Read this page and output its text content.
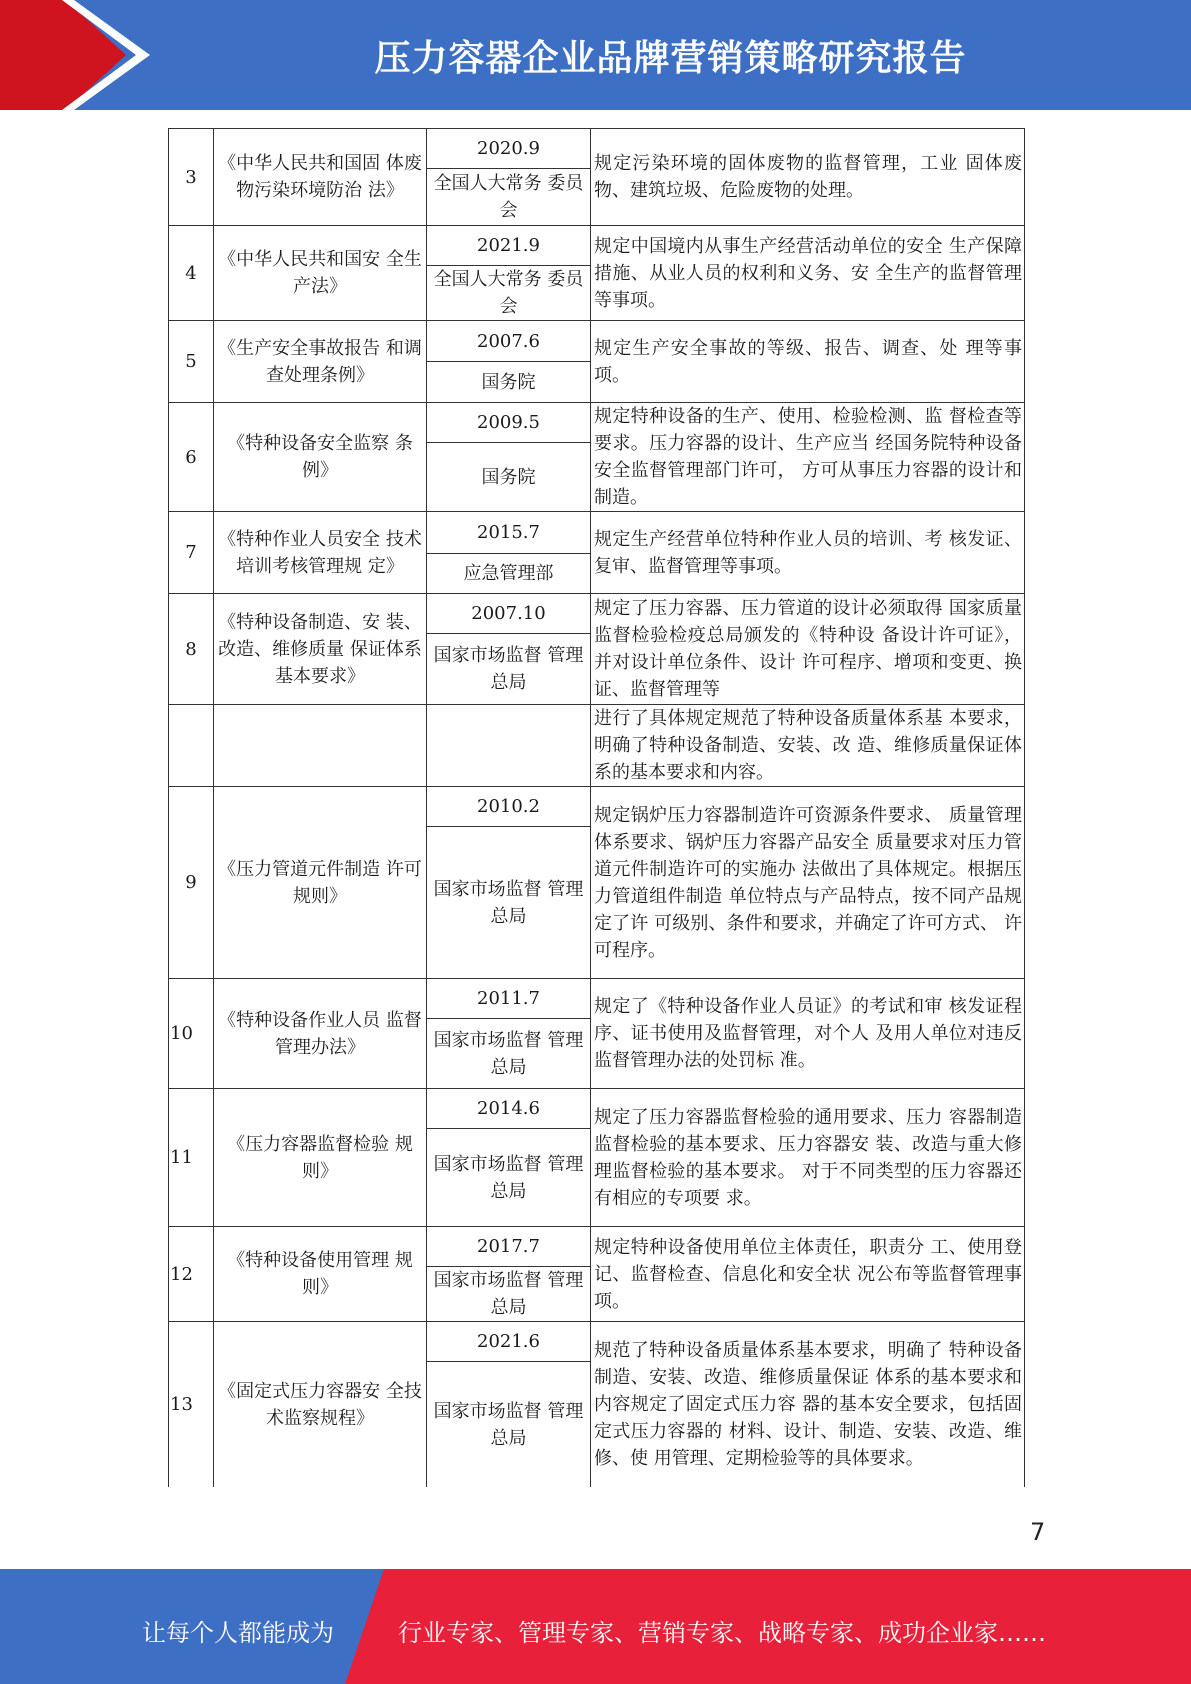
压力容器企业品牌营销策略研究报告
3
《中华人民共和国固 体废物污染环境防治 法》
2020.9
全国人大常务 委员会
规定污染环境的固体废物的监督管理，工业 固体废物、建筑垃圾、危险废物的处理。
4
《中华人民共和国安 全生产法》
2021.9
全国人大常务 委员会
规定中国境内从事生产经营活动单位的安全 生产保障措施、从业人员的权利和义务、安 全生产的监督管理等事项。
5
《生产安全事故报告 和调查处理条例》
2007.6
国务院
规定生产安全事故的等级、报告、调查、处 理等事项。
6
《特种设备安全监察 条例》
2009.5
国务院
规定特种设备的生产、使用、检验检测、监 督检查等要求。压力容器的设计、生产应当 经国务院特种设备安全监督管理部门许可， 方可从事压力容器的设计和制造。
7
《特种作业人员安全 技术培训考核管理规 定》
2015.7
应急管理部
规定生产经营单位特种作业人员的培训、考 核发证、复审、监督管理等事项。
8
《特种设备制造、安 装、改造、维修质量 保证体系基本要求》
2007.10
国家市场监督 管理总局
规定了压力容器、压力管道的设计必须取得 国家质量监督检验检疫总局颁发的《特种设 备设计许可证》，并对设计单位条件、设计 许可程序、增项和变更、换证、监督管理等
进行了具体规定规范了特种设备质量体系基 本要求，明确了特种设备制造、安装、改 造、维修质量保证体系的基本要求和内容。
9
《压力管道元件制造 许可规则》
2010.2
国家市场监督 管理总局
规定锅炉压力容器制造许可资源条件要求、 质量管理体系要求、锅炉压力容器产品安全 质量要求对压力管道元件制造许可的实施办 法做出了具体规定。根据压力管道组件制造 单位特点与产品特点，按不同产品规定了许 可级别、条件和要求，并确定了许可方式、 许可程序。
10
《特种设备作业人员 监督管理办法》
2011.7
国家市场监督 管理总局
规定了《特种设备作业人员证》的考试和审 核发证程序、证书使用及监督管理，对个人 及用人单位对违反监督管理办法的处罚标 准。
11
《压力容器监督检验 规则》
2014.6
国家市场监督 管理总局
规定了压力容器监督检验的通用要求、压力 容器制造监督检验的基本要求、压力容器安 装、改造与重大修理监督检验的基本要求。 对于不同类型的压力容器还有相应的专项要 求。
12
《特种设备使用管理 规则》
2017.7
国家市场监督 管理总局
规定特种设备使用单位主体责任，职责分 工、使用登记、监督检查、信息化和安全状 况公布等监督管理事项。
13
《固定式压力容器安 全技术监察规程》
2021.6
国家市场监督 管理总局
规范了特种设备质量体系基本要求，明确了 特种设备制造、安装、改造、维修质量保证 体系的基本要求和内容规定了固定式压力容 器的基本安全要求，包括固定式压力容器的 材料、设计、制造、安装、改造、维修、使 用管理、定期检验等的具体要求。
7
让每个人都能成为	行业专家、管理专家、营销专家、战略专家、成功企业家……
